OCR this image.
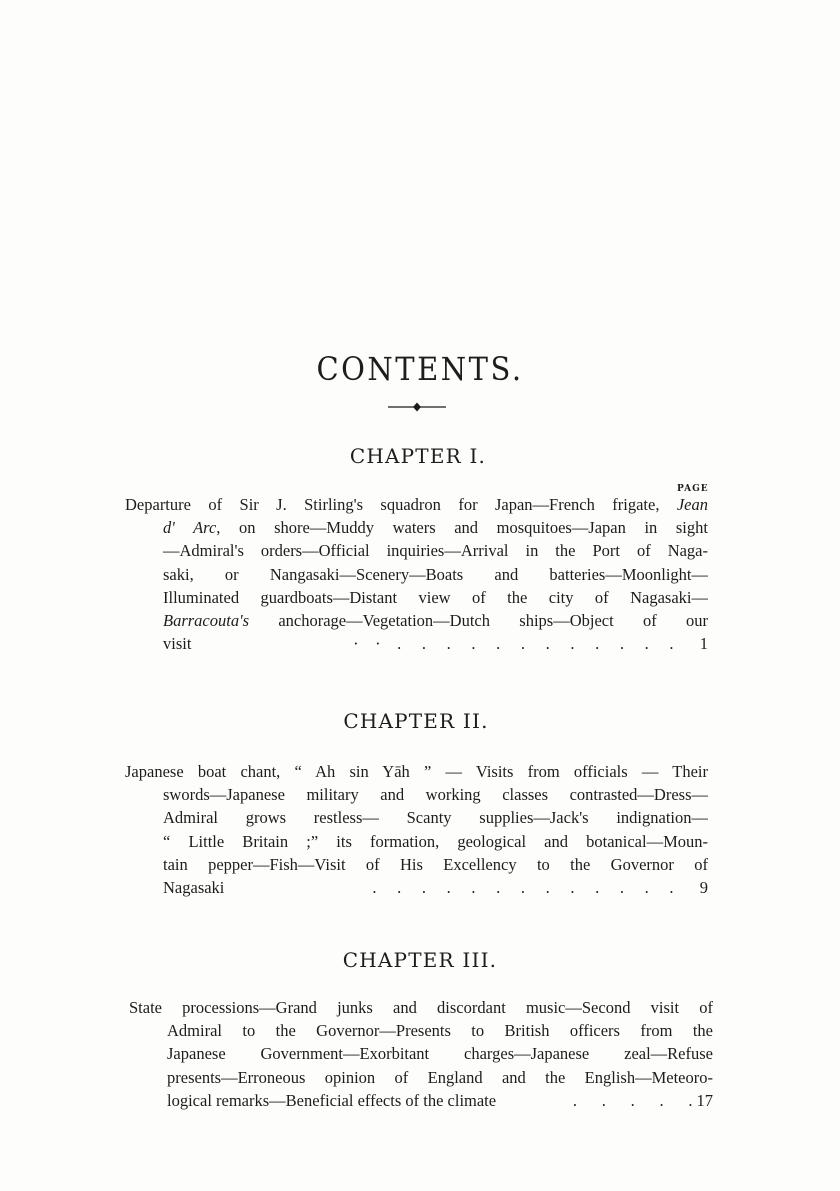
CONTENTS.
CHAPTER I.
PAGE
Departure of Sir J. Stirling's squadron for Japan—French frigate, Jean
d' Arc, on shore—Muddy waters and mosquitoes—Japan in sight
—Admiral's orders—Official inquiries—Arrival in the Port of Naga-
saki, or Nangasaki—Scenery—Boats and batteries—Moonlight—
Illuminated guardboats—Distant view of the city of Nagasaki—
Barracouta's anchorage—Vegetation—Dutch ships—Object of our
visit	·    ·    .     .     .     .     .     .     .     .     .     .     .     . 1
CHAPTER II.
Japanese boat chant, “ Ah sin Yāh ” — Visits from officials — Their
swords—Japanese military and working classes contrasted—Dress—
Admiral grows restless— Scanty supplies—Jack's indignation—
“ Little Britain ;” its formation, geological and botanical—Moun-
tain pepper—Fish—Visit of His Excellency to the Governor of
Nagasaki	.     .     .     .     .     .     .     .     .     .     .     .     . 9
CHAPTER III.
State processions—Grand junks and discordant music—Second visit of
Admiral to the Governor—Presents to British officers from the
Japanese Government—Exorbitant charges—Japanese zeal—Refuse
presents—Erroneous opinion of England and the English—Meteoro-
logical remarks—Beneficial effects of the climate	.      .      .      .      . 17
